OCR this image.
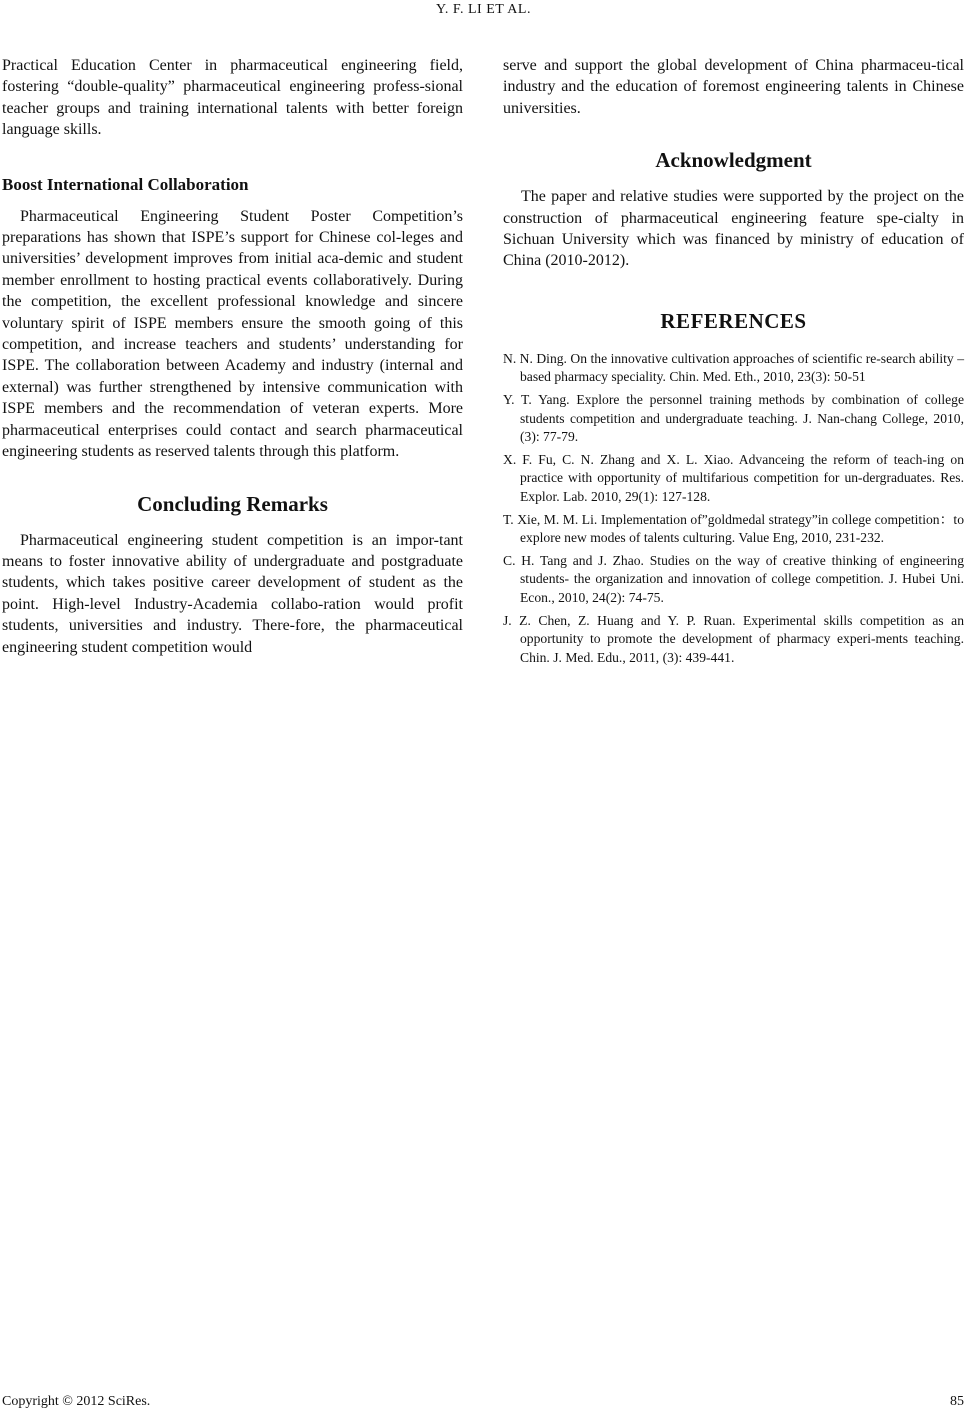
Y. F. LI ET AL.

Practical Education Center in pharmaceutical engineering field, fostering “double-quality” pharmaceutical engineering profess-sional teacher groups and training international talents with better foreign language skills.

Boost International Collaboration

Pharmaceutical Engineering Student Poster Competition’s preparations has shown that ISPE’s support for Chinese col-leges and universities’ development improves from initial aca-demic and student member enrollment to hosting practical events collaboratively. During the competition, the excellent professional knowledge and sincere voluntary spirit of ISPE members ensure the smooth going of this competition, and increase teachers and students’ understanding for ISPE. The collaboration between Academy and industry (internal and external) was further strengthened by intensive communication with ISPE members and the recommendation of veteran experts. More pharmaceutical enterprises could contact and search pharmaceutical engineering students as reserved talents through this platform.

Concluding Remarks

Pharmaceutical engineering student competition is an impor-tant means to foster innovative ability of undergraduate and postgraduate students, which takes positive career development of student as the point. High-level Industry-Academia collabo-ration would profit students, universities and industry. There-fore, the pharmaceutical engineering student competition would

serve and support the global development of China pharmaceu-tical industry and the education of foremost engineering talents in Chinese universities.

Acknowledgment

The paper and relative studies were supported by the project on the construction of pharmaceutical engineering feature spe-cialty in Sichuan University which was financed by ministry of education of China (2010-2012).

REFERENCES
N. N. Ding. On the innovative cultivation approaches of scientific re-search ability – based pharmacy speciality. Chin. Med. Eth., 2010, 23(3): 50-51
Y. T. Yang. Explore the personnel training methods by combination of college students competition and undergraduate teaching. J. Nan-chang College, 2010, (3): 77-79.
X. F. Fu, C. N. Zhang and X. L. Xiao. Advanceing the reform of teach-ing on practice with opportunity of multifarious competition for un-dergraduates. Res. Explor. Lab. 2010, 29(1): 127-128.
T. Xie, M. M. Li. Implementation of”goldmedal strategy”in college competition：to explore new modes of talents culturing. Value Eng, 2010, 231-232.
C. H. Tang and J. Zhao. Studies on the way of creative thinking of engineering students- the organization and innovation of college competition. J. Hubei Uni. Econ., 2010, 24(2): 74-75.
J. Z. Chen, Z. Huang and Y. P. Ruan. Experimental skills competition as an opportunity to promote the development of pharmacy experi-ments teaching. Chin. J. Med. Edu., 2011, (3): 439-441.
Copyright © 2012 SciRes.	85
